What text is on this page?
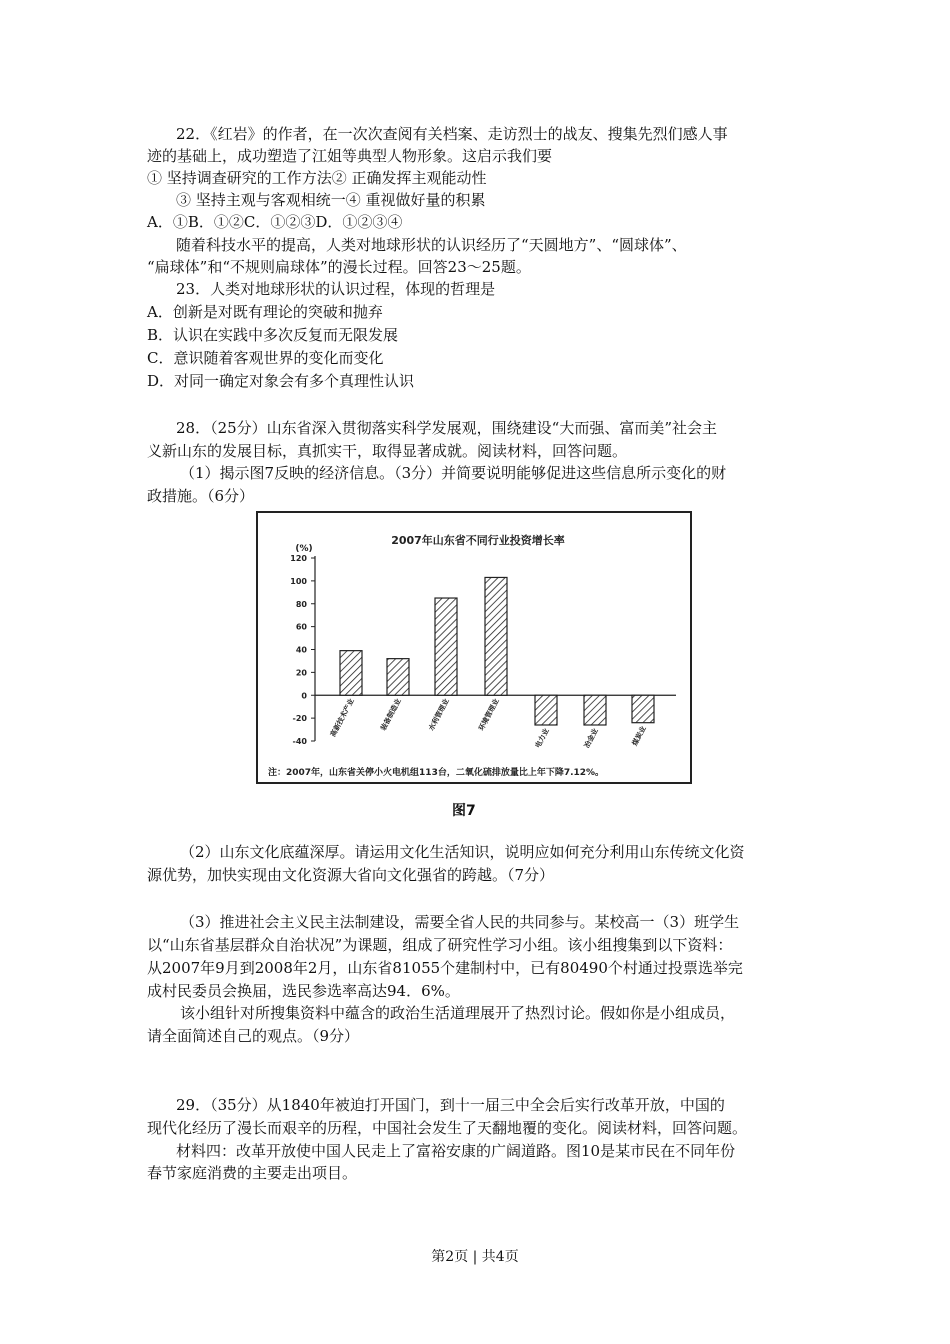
22．《红岩》的作者，在一次次查阅有关档案、走访烈士的战友、搜集先烈们感人事
迹的基础上，成功塑造了江姐等典型人物形象。这启示我们要
① 坚持调查研究的工作方法② 正确发挥主观能动性
③ 坚持主观与客观相统一④ 重视做好量的积累
A．①B．①②C．①②③D．①②③④
随着科技水平的提高，人类对地球形状的认识经历了“天圆地方”、“圆球体”、
“扁球体”和“不规则扁球体”的漫长过程。回答23～25题。
23．人类对地球形状的认识过程，体现的哲理是
A．创新是对既有理论的突破和抛弃
B．认识在实践中多次反复而无限发展
C．意识随着客观世界的变化而变化
D．对同一确定对象会有多个真理性认识
28．（25分）山东省深入贯彻落实科学发展观，围绕建设“大而强、富而美”社会主
义新山东的发展目标，真抓实干，取得显著成就。阅读材料，回答问题。
（1）揭示图7反映的经济信息。（3分）并简要说明能够促进这些信息所示变化的财
政措施。（6分）
2007年山东省不同行业投资增长率
(%)
-40
-20
0
20
40
60
80
100
120
高新技术产业	装备制造业	水利管理业	环境管理业
电力业	冶金业	煤炭业
注：2007年，山东省关停小火电机组113台，二氧化硫排放量比上年下降7.12%。
图7
（2）山东文化底蕴深厚。请运用文化生活知识，说明应如何充分利用山东传统文化资
源优势，加快实现由文化资源大省向文化强省的跨越。（7分）
（3）推进社会主义民主法制建设，需要全省人民的共同参与。某校高一（3）班学生
以“山东省基层群众自治状况”为课题，组成了研究性学习小组。该小组搜集到以下资料：
从2007年9月到2008年2月，山东省81055个建制村中，已有80490个村通过投票选举完
成村民委员会换届，选民参选率高达94．6%。
该小组针对所搜集资料中蕴含的政治生活道理展开了热烈讨论。假如你是小组成员，
请全面简述自己的观点。（9分）
29．（35分）从1840年被迫打开国门，到十一届三中全会后实行改革开放，中国的
现代化经历了漫长而艰辛的历程，中国社会发生了天翻地覆的变化。阅读材料，回答问题。
材料四：改革开放使中国人民走上了富裕安康的广阔道路。图10是某市民在不同年份
春节家庭消费的主要走出项目。
第2页 | 共4页
